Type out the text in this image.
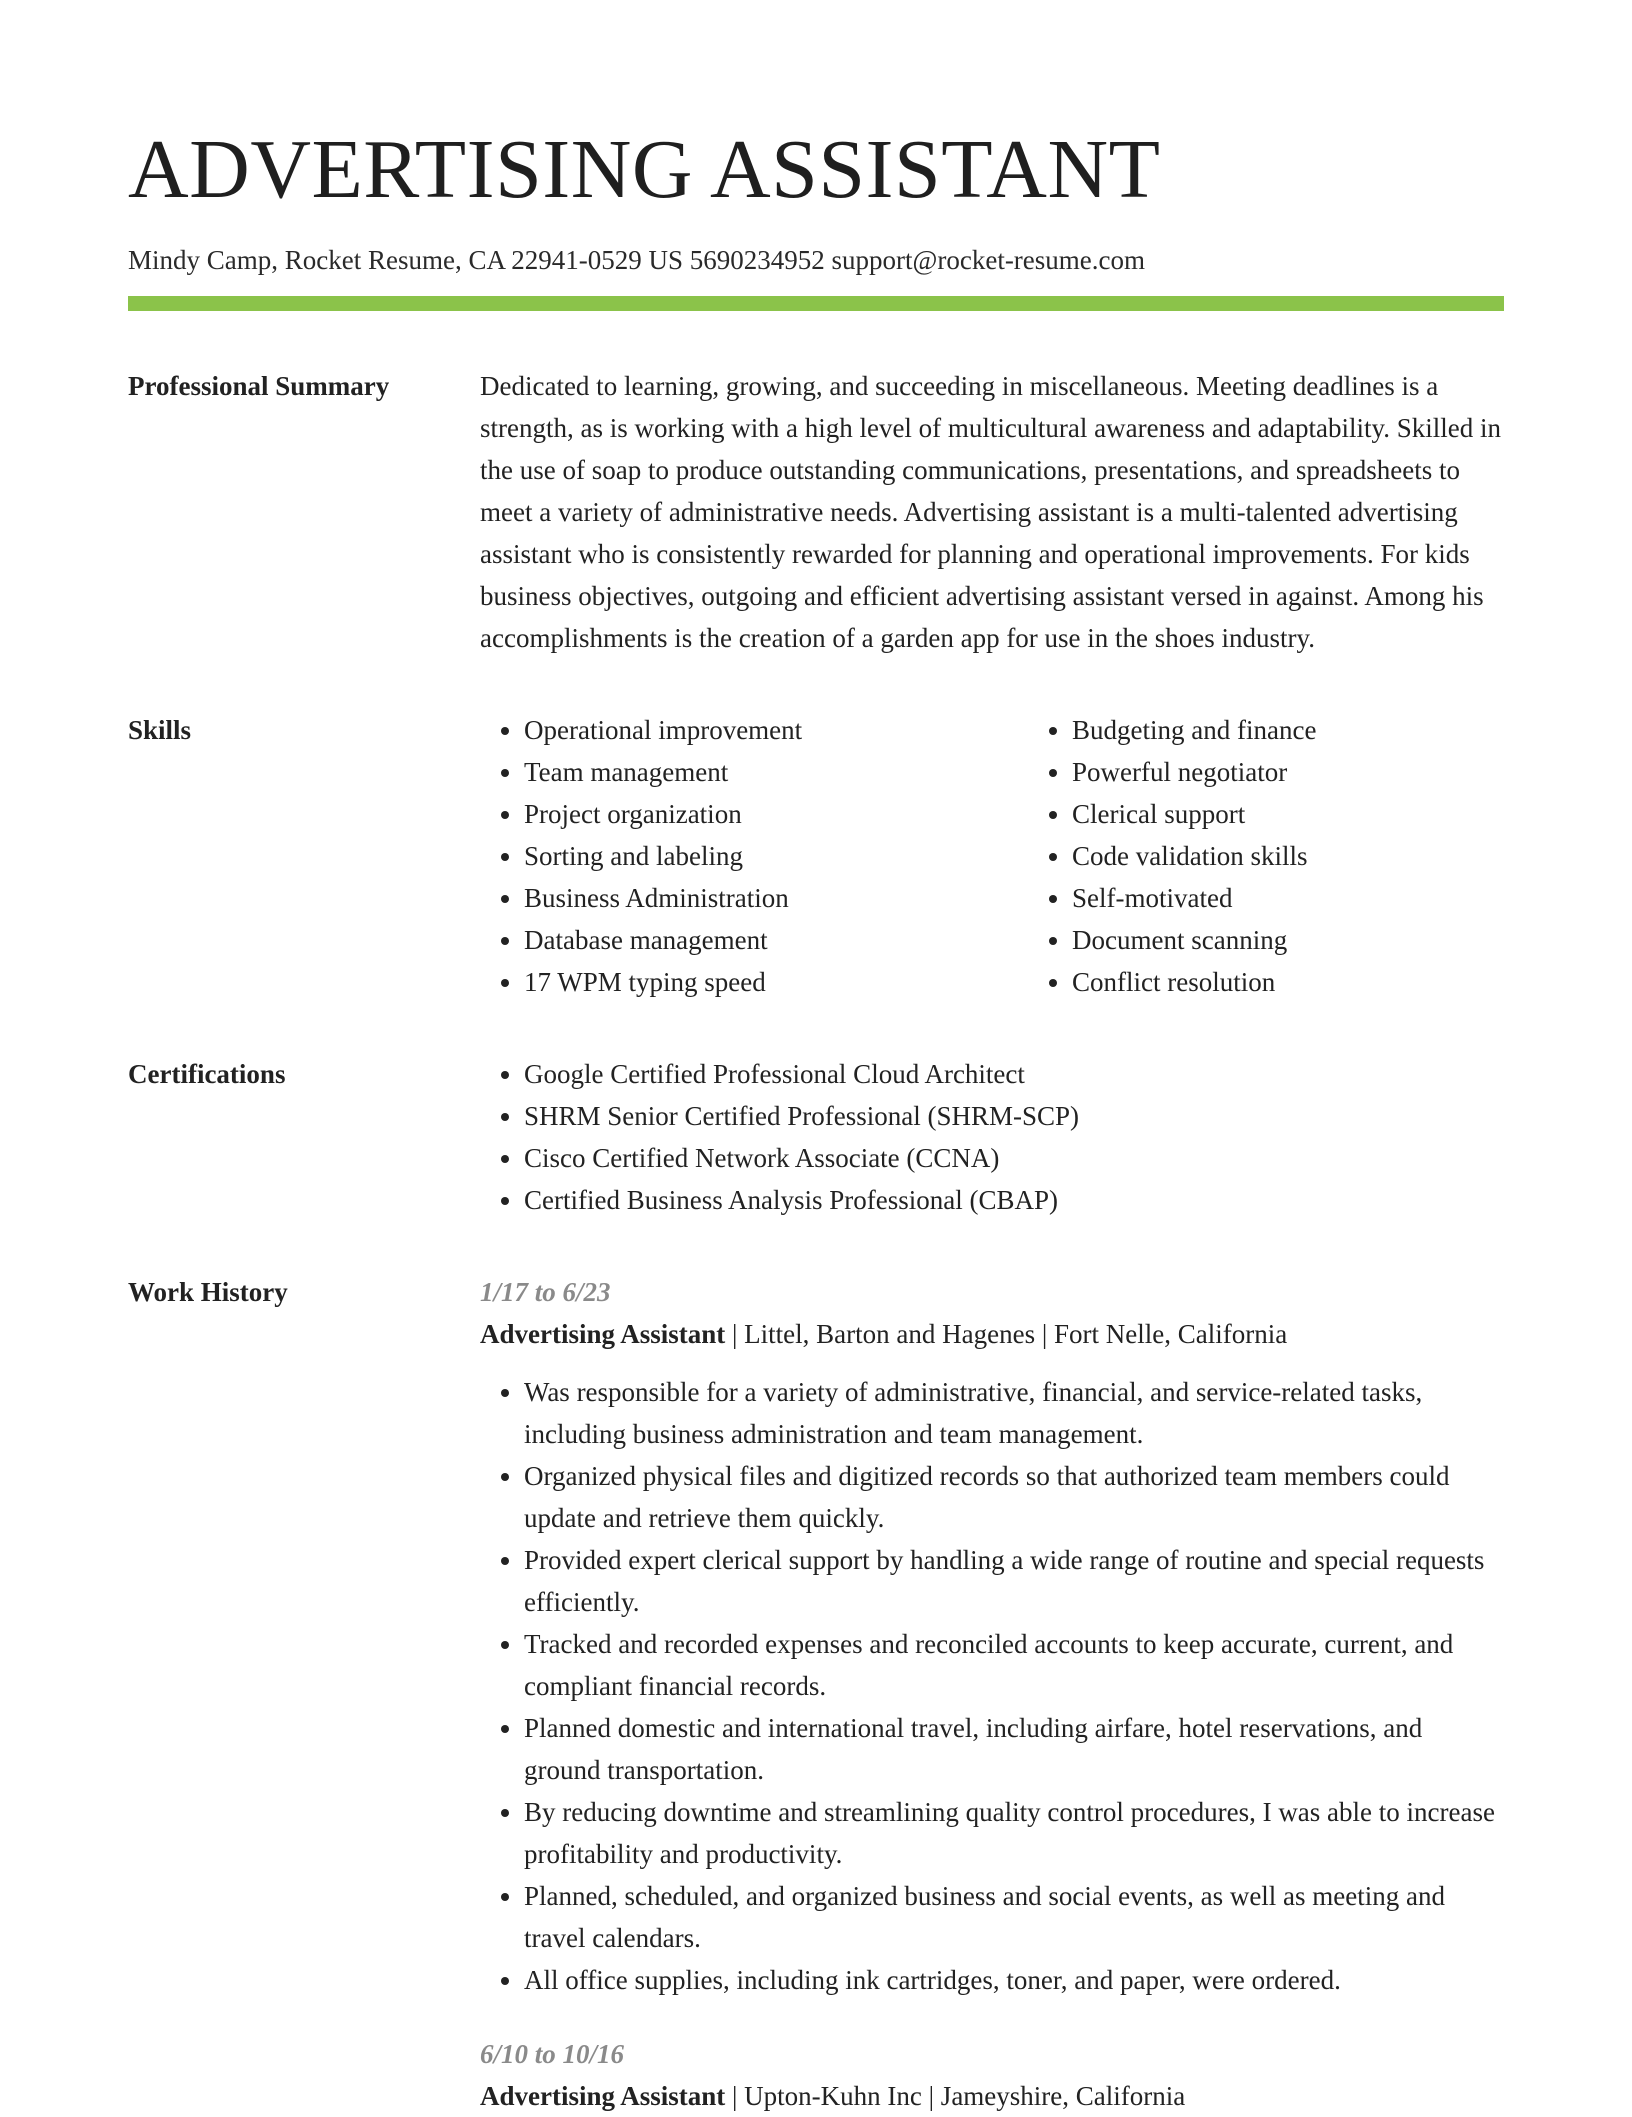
ADVERTISING ASSISTANT
Mindy Camp, Rocket Resume, CA 22941-0529 US 5690234952 support@rocket-resume.com
Professional Summary	Dedicated to learning, growing, and succeeding in miscellaneous. Meeting deadlines is a strength, as is working with a high level of multicultural awareness and adaptability. Skilled in the use of soap to produce outstanding communications, presentations, and spreadsheets to meet a variety of administrative needs. Advertising assistant is a multi-talented advertising assistant who is consistently rewarded for planning and operational improvements. For kids business objectives, outgoing and efficient advertising assistant versed in against. Among his accomplishments is the creation of a garden app for use in the shoes industry.

Skills	• Operational improvement
• Team management
• Project organization
• Sorting and labeling
• Business Administration
• Database management
• 17 WPM typing speed
• Budgeting and finance
• Powerful negotiator
• Clerical support
• Code validation skills
• Self-motivated
• Document scanning
• Conflict resolution
Certifications	• Google Certified Professional Cloud Architect
• SHRM Senior Certified Professional (SHRM-SCP)
• Cisco Certified Network Associate (CCNA)
• Certified Business Analysis Professional (CBAP)
Work History	1/17 to 6/23
Advertising Assistant | Littel, Barton and Hagenes | Fort Nelle, California
• Was responsible for a variety of administrative, financial, and service-related tasks, including business administration and team management.
• Organized physical files and digitized records so that authorized team members could update and retrieve them quickly.
• Provided expert clerical support by handling a wide range of routine and special requests efficiently.
• Tracked and recorded expenses and reconciled accounts to keep accurate, current, and compliant financial records.
• Planned domestic and international travel, including airfare, hotel reservations, and ground transportation.
• By reducing downtime and streamlining quality control procedures, I was able to increase profitability and productivity.
• Planned, scheduled, and organized business and social events, as well as meeting and travel calendars.
• All office supplies, including ink cartridges, toner, and paper, were ordered.
6/10 to 10/16
Advertising Assistant | Upton-Kuhn Inc | Jameyshire, California
